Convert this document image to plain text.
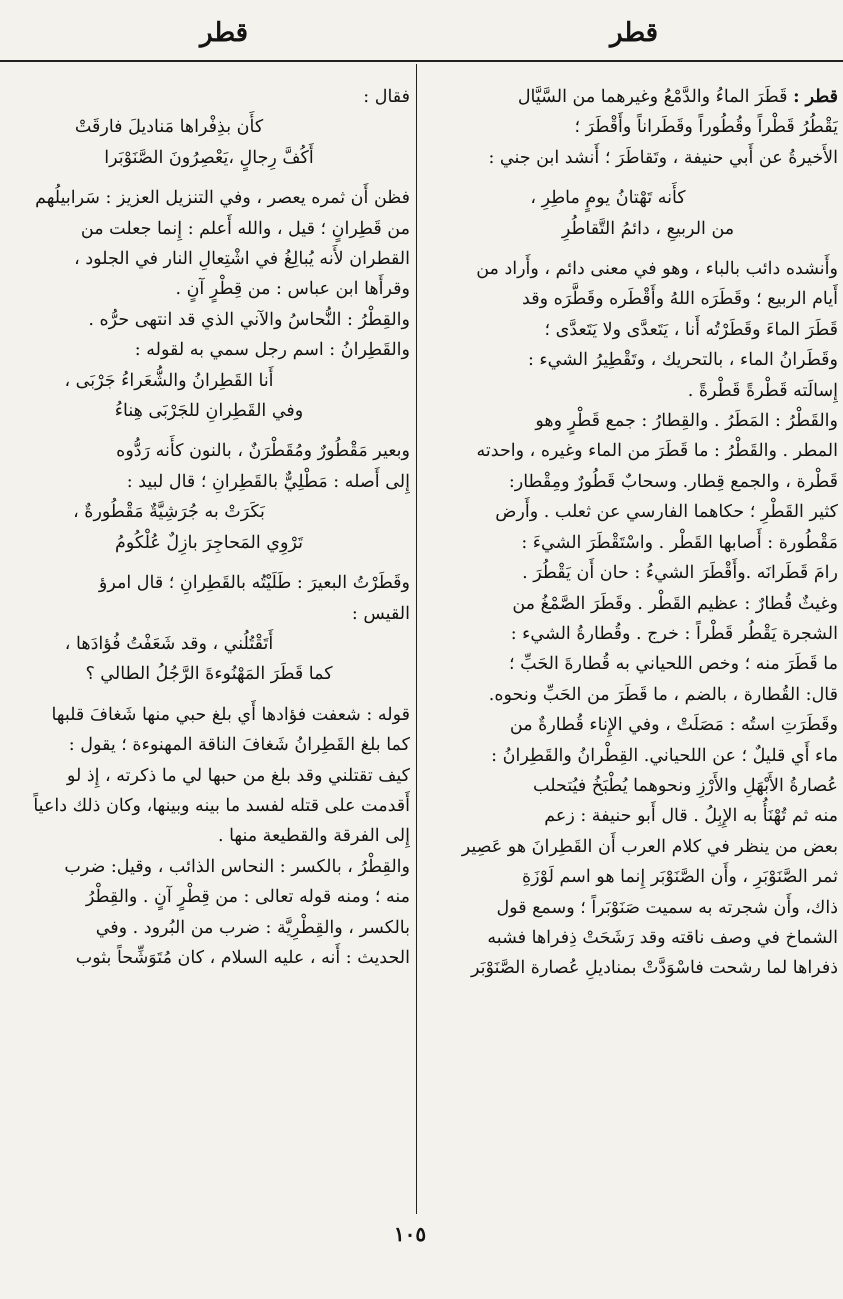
قطر	قطر
قطر : قَطَرَ الماءُ والدَّمْعُ وغيرهما من السَّيَّال
يَقْطُرُ قَطْراً وقُطُوراً وقَطَراناً وأَقْطَرَ ؛
الأَخيرةُ عن أَبي حنيفة ، وتَقاطَرَ ؛ أَنشد ابن جني :
كأَنه تَهْتانُ يومٍ ماطِرِ ،
من الربيعِ ، دائمُ التَّقاطُرِ
وأَنشده دائب بالباء ، وهو في معنى دائم ، وأَراد من
أَيام الربيع ؛ وقَطَرَه اللهُ وأَقْطَره وقَطَّرَه وقد
قَطَرَ الماءَ وقَطَرْتُه أَنا ، يَتَعدَّى ولا يَتَعدَّى ؛
وقَطَرانُ الماء ، بالتحريك ، وتَقْطِيرُ الشيء :
إِسالَته قَطْرةً قَطْرةً .
والقَطْرُ : المَطَرُ . والقِطارُ : جمع قَطْرٍ وهو
المطر . والقَطْرُ : ما قَطَرَ من الماء وغيره ، واحدته
قَطْرة ، والجمع قِطار. وسحابٌ قَطُورٌ ومِقْطار:
كثير القَطْرِ ؛ حكاهما الفارسي عن ثعلب . وأَرض
مَقْطُورة : أَصابها القَطْر . واسْتَقْطَرَ الشيءَ :
رامَ قَطَرانَه .وأَقْطَرَ الشيءُ : حان أَن يَقْطُرَ .
وغيثٌ قُطارٌ : عظيم القَطْر . وقَطَرَ الصَّمْغُ من
الشجرة يَقْطُر قَطْراً : خرج . وقُطارةُ الشيء :
ما قَطَرَ منه ؛ وخص اللحياني به قُطارةَ الحَبِّ ؛
قال: القُطارة ، بالضم ، ما قَطَرَ من الحَبِّ ونحوه.
وقَطَرَتِ استُه : مَصَلَتْ ، وفي الإِناء قُطارةٌ من
ماء أَي قليلٌ ؛ عن اللحياني. القِطْرانُ والقَطِرانُ :
عُصارةُ الأَبْهَلِ والأَرْزِ ونحوهما يُطْبَخُ فيُتحلب
منه ثم تُهْنَأُ به الإِبِلُ . قال أَبو حنيفة : زعم
بعض من ينظر في كلام العرب أَن القَطِرانَ هو عَصِير
ثمر الصَّنَوْبَرِ ، وأَن الصَّنَوْبَر إِنما هو اسم لَوْزَةِ
ذاك، وأَن شجرته به سميت صَنَوْبَراً ؛ وسمع قول
الشماخ في وصف ناقته وقد رَشَحَتْ ذِفراها فشبه
ذفراها لما رشحت فاسْوَدَّتْ بمناديلِ عُصارة الصَّنَوْبَر
فقال :
كأَن بذِفْراها مَناديلَ فارقَتْ
أَكُفَّ رِجالٍ ،يَعْصِرُونَ الصَّنَوْبَرا
فظن أَن ثمره يعصر ، وفي التنزيل العزيز : سَرابيلُهم
من قَطِرانٍ ؛ قيل ، والله أَعلم : إِنما جعلت من
القطران لأَنه يُبالِغُ في اشْتِعالِ النار في الجلود ،
وقرأَها ابن عباس : من قِطْرٍ آنٍ .
والقِطْرُ : النُّحاسُ والآني الذي قد انتهى حرُّه .
والقَطِرانُ : اسم رجل سمي به لقوله :
أَنا القَطِرانُ والشُّعَراءُ جَرْبَى ،
وفي القَطِرانِ للجَرْبَى هِناءُ
وبعير مَقْطُورٌ ومُقَطْرَنٌ ، بالنون كأَنه رَدُّوه
إِلى أَصله : مَطْلِيٌّ بالقَطِرانِ ؛ قال لبيد :
بَكَرَتْ به جُرَشِيَّةٌ مَقْطُورةٌ ،
تَرْوِي المَحاجِرَ بازِلٌ عُلْكُومُ
وقَطَرْتُ البعيرَ : طَلَيْتُه بالقَطِرانِ ؛ قال امرؤ
القيس :
أَتَقْتُلُني ، وقد شَعَفْتُ فُؤادَها ،
كما قَطَرَ المَهْنُوءةَ الرَّجُلُ الطالي ؟
قوله : شعفت فؤادها أَي بلغ حبي منها شَغافَ قلبها
كما بلغ القَطِرانُ شَغافَ الناقة المهنوءة ؛ يقول :
كيف تقتلني وقد بلغ من حبها لي ما ذكرته ، إِذ لو
أَقدمت على قتله لفسد ما بينه وبينها، وكان ذلك داعياً
إِلى الفرقة والقطيعة منها .
والقِطْرُ ، بالكسر : النحاس الذائب ، وقيل: ضرب
منه ؛ ومنه قوله تعالى : من قِطْرٍ آنٍ . والقِطْرُ
بالكسر ، والقِطْرِيَّة : ضرب من البُرود . وفي
الحديث : أَنه ، عليه السلام ، كان مُتَوَشِّحاً بثوب
١٠٥
